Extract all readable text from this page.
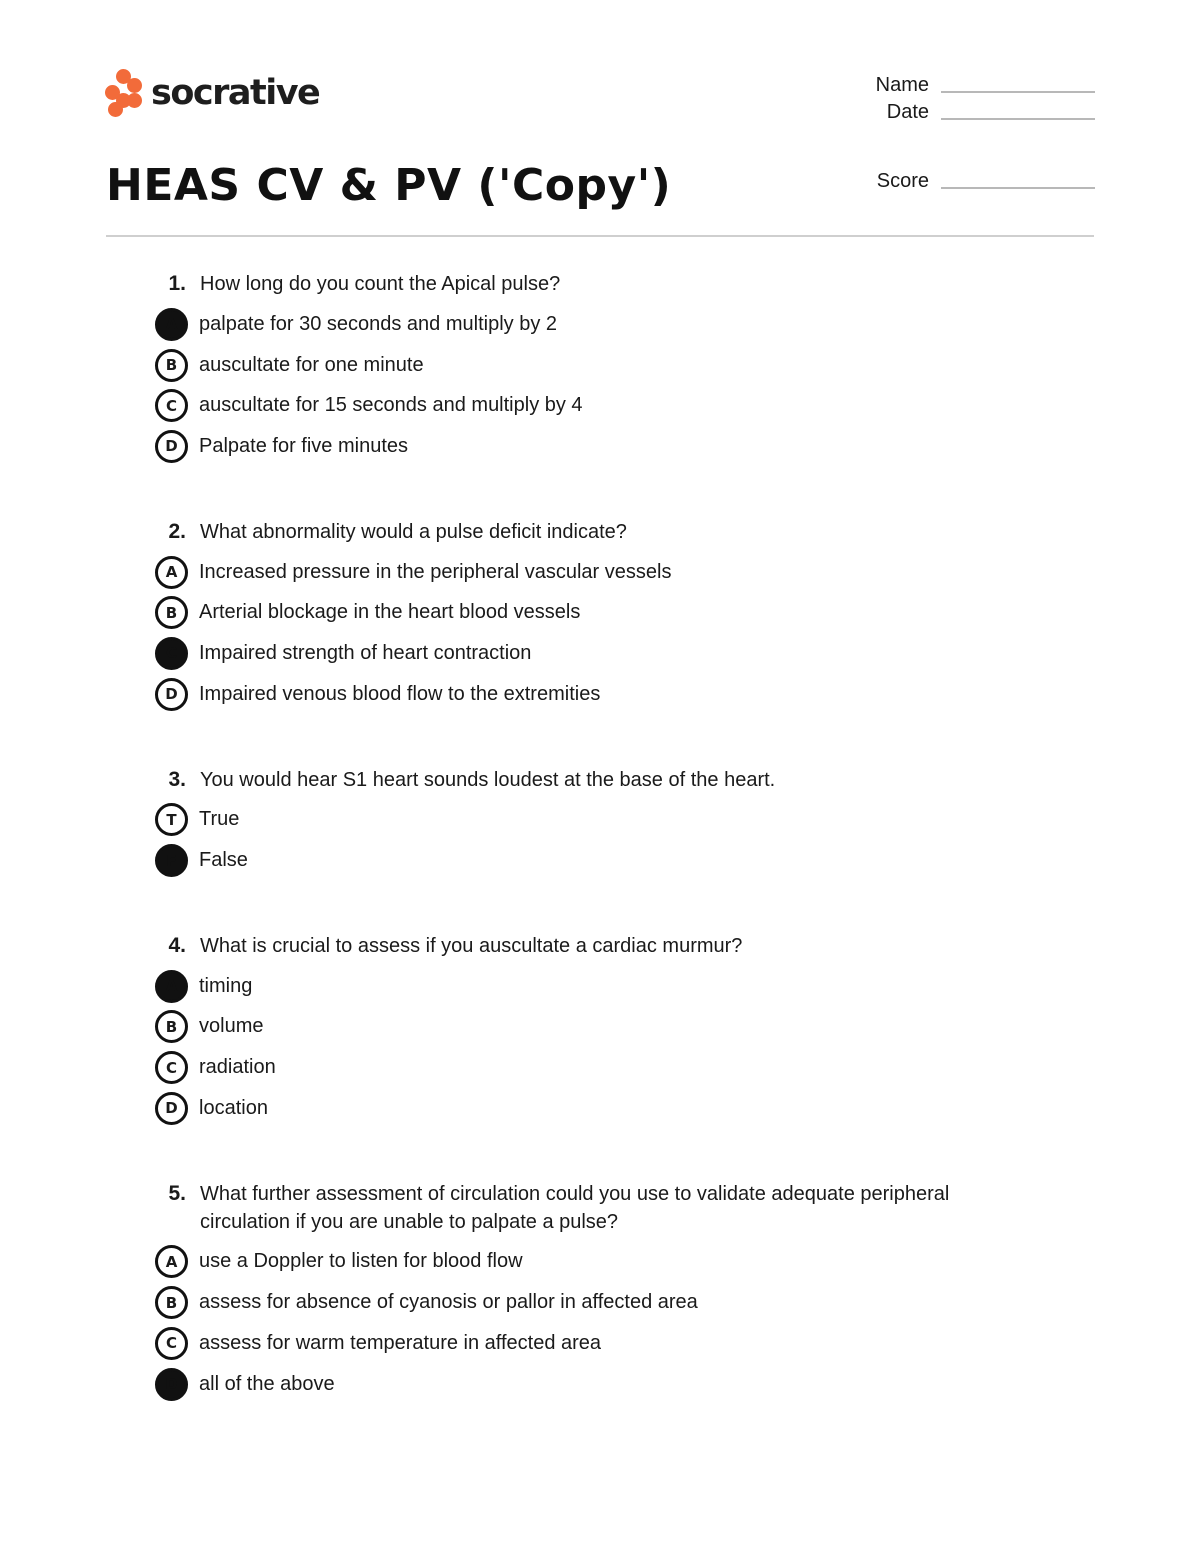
socrative	Name
Date
Score
HEAS CV & PV ('Copy')
1. How long do you count the Apical pulse?
A	palpate for 30 seconds and multiply by 2
B	auscultate for one minute
C	auscultate for 15 seconds and multiply by 4
D	Palpate for five minutes
2. What abnormality would a pulse deficit indicate?
A	Increased pressure in the peripheral vascular vessels
B	Arterial blockage in the heart blood vessels
C	Impaired strength of heart contraction
D	Impaired venous blood flow to the extremities
3. You would hear S1 heart sounds loudest at the base of the heart.
T	True
F	False
4. What is crucial to assess if you auscultate a cardiac murmur?
A	timing
B	volume
C	radiation
D	location
5. What further assessment of circulation could you use to validate adequate peripheral circulation if you are unable to palpate a pulse?
A	use a Doppler to listen for blood flow
B	assess for absence of cyanosis or pallor in affected area
C	assess for warm temperature in affected area
D	all of the above
